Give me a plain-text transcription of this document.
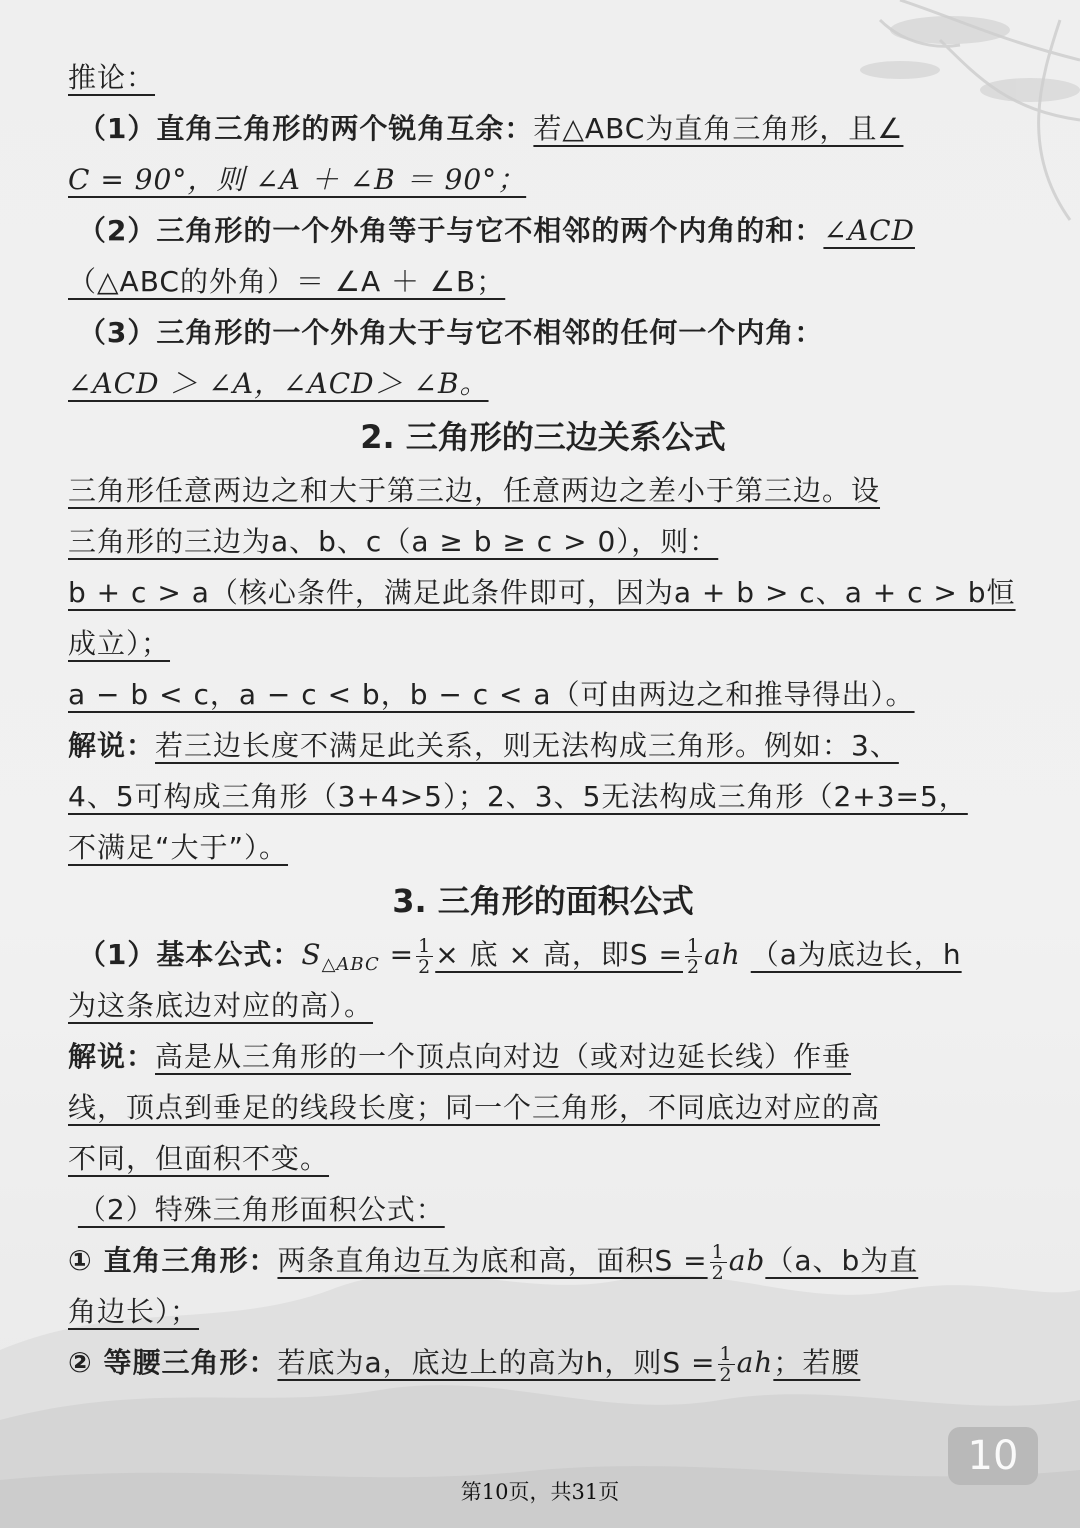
推论：
（1）直角三角形的两个锐角互余：若△ABC为直角三角形，且∠
C = 90°，则 ∠A ＋ ∠B ＝ 90°；
（2）三角形的一个外角等于与它不相邻的两个内角的和：∠ACD
（△ABC的外角）＝ ∠A ＋ ∠B；
（3）三角形的一个外角大于与它不相邻的任何一个内角：
∠ACD ＞ ∠A，∠ACD＞ ∠B。
2. 三角形的三边关系公式
三角形任意两边之和大于第三边，任意两边之差小于第三边。设
三角形的三边为a、b、c（a ≥ b ≥ c > 0），则：
b + c > a（核心条件，满足此条件即可，因为a + b > c、a + c > b恒
成立）；
a − b < c，a − c < b，b − c < a（可由两边之和推导得出）。
解说：若三边长度不满足此关系，则无法构成三角形。例如：3、
4、5可构成三角形（3+4>5）；2、3、5无法构成三角形（2+3=5，
不满足“大于”）。
3. 三角形的面积公式
（1）基本公式：$S_{\triangle ABC} = \frac{1}{2}$ × 底 × 高，即$S = \frac{1}{2}$ ah （a为底边长，h
为这条底边对应的高）。
解说：高是从三角形的一个顶点向对边（或对边延长线）作垂
线，顶点到垂足的线段长度；同一个三角形，不同底边对应的高
不同，但面积不变。
（2）特殊三角形面积公式：
① 直角三角形：两条直角边互为底和高，面积$S = \frac{1}{2} ab(a$、b为直
角边长）；
② 等腰三角形：若底为a，底边上的高为h，则$S = \frac{1}{2}$ ah；若腰
10
第10页，共31页
